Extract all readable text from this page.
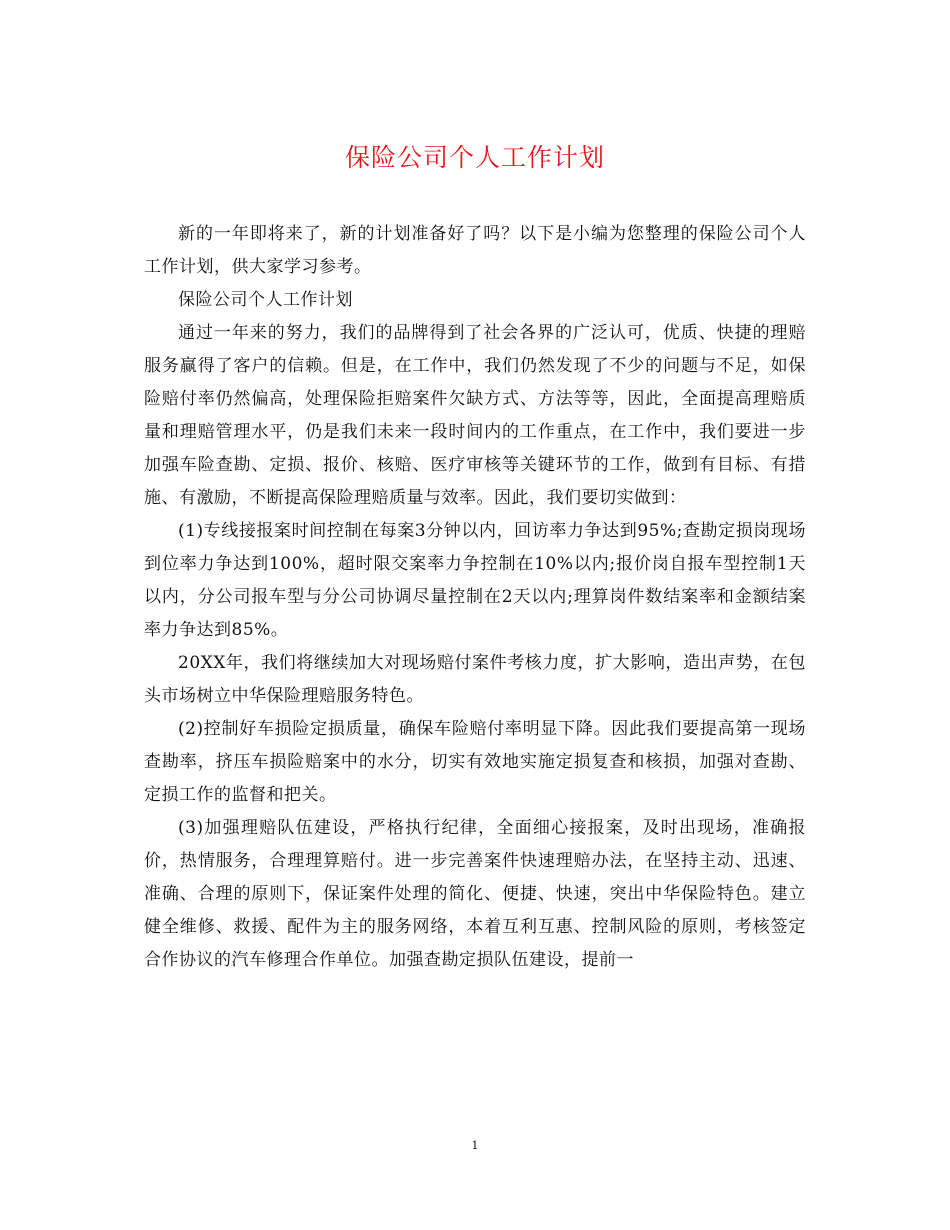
保险公司个人工作计划

新的一年即将来了，新的计划准备好了吗？以下是小编为您整理的保险公司个人工作计划，供大家学习参考。

保险公司个人工作计划

通过一年来的努力，我们的品牌得到了社会各界的广泛认可，优质、快捷的理赔服务赢得了客户的信赖。但是，在工作中，我们仍然发现了不少的问题与不足，如保险赔付率仍然偏高，处理保险拒赔案件欠缺方式、方法等等，因此，全面提高理赔质量和理赔管理水平，仍是我们未来一段时间内的工作重点，在工作中，我们要进一步加强车险查勘、定损、报价、核赔、医疗审核等关键环节的工作，做到有目标、有措施、有激励，不断提高保险理赔质量与效率。因此，我们要切实做到：

(1)专线接报案时间控制在每案3分钟以内，回访率力争达到95%;查勘定损岗现场到位率力争达到100%，超时限交案率力争控制在10%以内;报价岗自报车型控制1天以内，分公司报车型与分公司协调尽量控制在2天以内;理算岗件数结案率和金额结案率力争达到85%。

20XX年，我们将继续加大对现场赔付案件考核力度，扩大影响，造出声势，在包头市场树立中华保险理赔服务特色。

(2)控制好车损险定损质量，确保车险赔付率明显下降。因此我们要提高第一现场查勘率，挤压车损险赔案中的水分，切实有效地实施定损复查和核损，加强对查勘、定损工作的监督和把关。

(3)加强理赔队伍建设，严格执行纪律，全面细心接报案，及时出现场，准确报价，热情服务，合理理算赔付。进一步完善案件快速理赔办法，在坚持主动、迅速、准确、合理的原则下，保证案件处理的简化、便捷、快速，突出中华保险特色。建立健全维修、救援、配件为主的服务网络，本着互利互惠、控制风险的原则，考核签定合作协议的汽车修理合作单位。加强查勘定损队伍建设，提前一

1
